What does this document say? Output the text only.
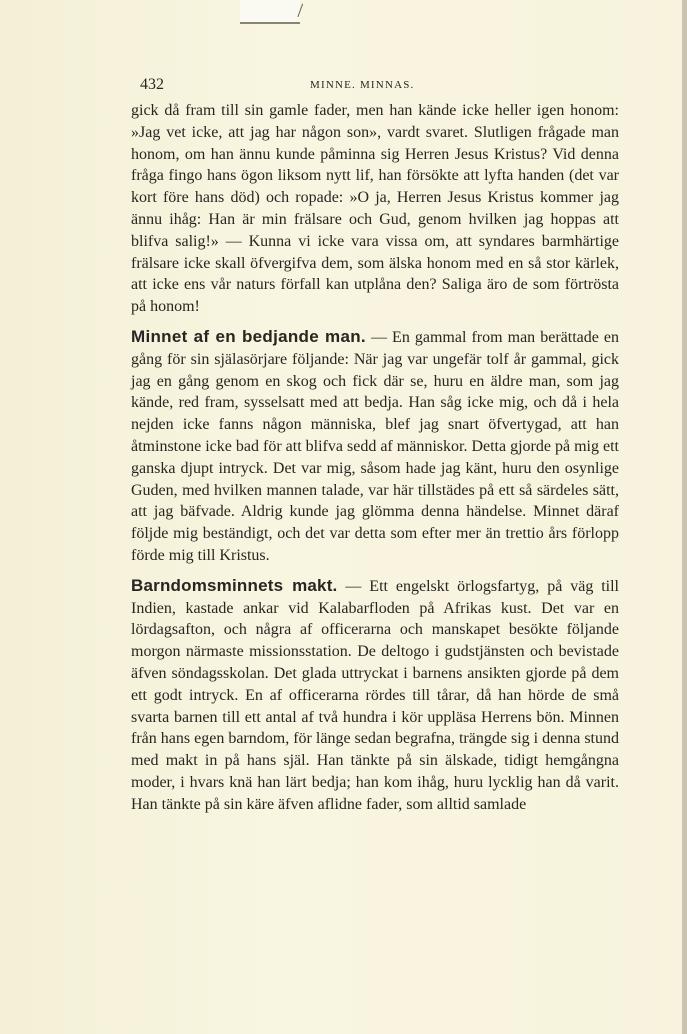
432	MINNE. MINNAS.

gick då fram till sin gamle fader, men han kände icke heller igen honom: »Jag vet icke, att jag har någon son», vardt svaret. Slutligen frågade man honom, om han ännu kunde påminna sig Herren Jesus Kristus? Vid denna fråga fingo hans ögon liksom nytt lif, han försökte att lyfta handen (det var kort före hans död) och ropade: »O ja, Herren Jesus Kristus kommer jag ännu ihåg: Han är min frälsare och Gud, genom hvilken jag hoppas att blifva salig!» — Kunna vi icke vara vissa om, att syndares barmhärtige frälsare icke skall öfvergifva dem, som älska honom med en så stor kärlek, att icke ens vår naturs förfall kan utplåna den? Saliga äro de som förtrösta på honom!

Minnet af en bedjande man. — En gammal from man berättade en gång för sin själasörjare följande: När jag var ungefär tolf år gammal, gick jag en gång genom en skog och fick där se, huru en äldre man, som jag kände, red fram, sysselsatt med att bedja. Han såg icke mig, och då i hela nejden icke fanns någon människa, blef jag snart öfvertygad, att han åtminstone icke bad för att blifva sedd af människor. Detta gjorde på mig ett ganska djupt intryck. Det var mig, såsom hade jag känt, huru den osynlige Guden, med hvilken mannen talade, var här tillstädes på ett så särdeles sätt, att jag bäfvade. Aldrig kunde jag glömma denna händelse. Minnet däraf följde mig beständigt, och det var detta som efter mer än trettio års förlopp förde mig till Kristus.

Barndomsminnets makt. — Ett engelskt örlogsfartyg, på väg till Indien, kastade ankar vid Kalabarfloden på Afrikas kust. Det var en lördagsafton, och några af officerarna och manskapet besökte följande morgon närmaste missionsstation. De deltogo i gudstjänsten och bevistade äfven söndagsskolan. Det glada uttryckat i barnens ansikten gjorde på dem ett godt intryck. En af officerarna rördes till tårar, då han hörde de små svarta barnen till ett antal af två hundra i kör uppläsa Herrens bön. Minnen från hans egen barndom, för länge sedan begrafna, trängde sig i denna stund med makt in på hans själ. Han tänkte på sin älskade, tidigt hemgångna moder, i hvars knä han lärt bedja; han kom ihåg, huru lycklig han då varit. Han tänkte på sin käre äfven aflidne fader, som alltid samlade
